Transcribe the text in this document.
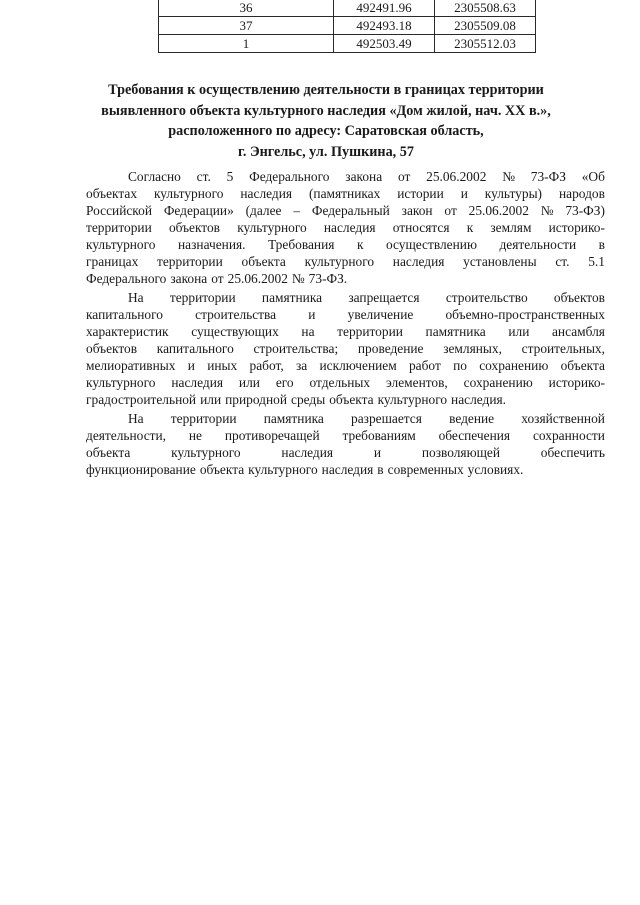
36	492491.96	2305508.63
37	492493.18	2305509.08
1	492503.49	2305512.03
Требования к осуществлению деятельности в границах территории
выявленного объекта культурного наследия «Дом жилой, нач. XX в.»,
расположенного по адресу: Саратовская область,
г. Энгельс, ул. Пушкина, 57
Согласно ст. 5 Федерального закона от 25.06.2002 № 73-ФЗ «Об
объектах культурного наследия (памятниках истории и культуры) народов
Российской Федерации» (далее – Федеральный закон от 25.06.2002 № 73-ФЗ)
территории объектов культурного наследия относятся к землям историко-
культурного назначения. Требования к осуществлению деятельности в
границах территории объекта культурного наследия установлены ст. 5.1
Федерального закона от 25.06.2002 № 73-ФЗ.
На территории памятника запрещается строительство объектов
капитального строительства и увеличение объемно-пространственных
характеристик существующих на территории памятника или ансамбля
объектов капитального строительства; проведение земляных, строительных,
мелиоративных и иных работ, за исключением работ по сохранению объекта
культурного наследия или его отдельных элементов, сохранению историко-
градостроительной или природной среды объекта культурного наследия.
На территории памятника разрешается ведение хозяйственной
деятельности, не противоречащей требованиям обеспечения сохранности
объекта	культурного	наследия	и	позволяющей	обеспечить
функционирование объекта культурного наследия в современных условиях.
